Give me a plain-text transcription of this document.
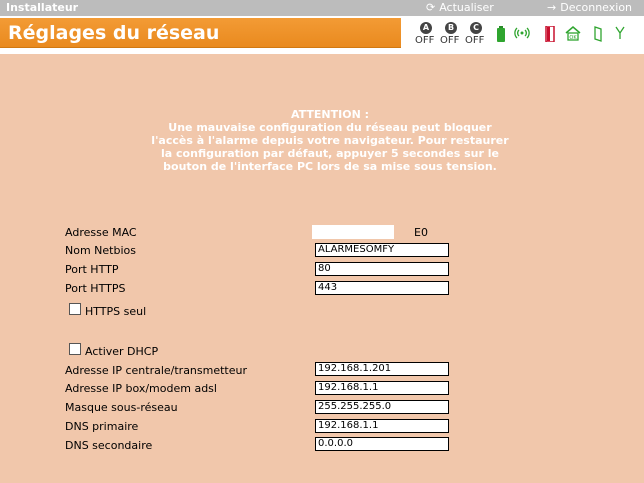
Installateur	⟳ Actualiser	→ Deconnexion
Réglages du réseau	A
OFF
B
OFF
C
OFF	OK
ATTENTION :
Une mauvaise configuration du réseau peut bloquer l'accès à l'alarme depuis votre navigateur. Pour restaurer la configuration par défaut, appuyer 5 secondes sur le bouton de l'interface PC lors de sa mise sous tension.
Adresse MAC	E0
Nom Netbios	ALARMESOMFY
Port HTTP	80
Port HTTPS	443
HTTPS seul
Activer DHCP
Adresse IP centrale/transmetteur	192.168.1.201
Adresse IP box/modem adsl	192.168.1.1
Masque sous-réseau	255.255.255.0
DNS primaire	192.168.1.1
DNS secondaire	0.0.0.0
